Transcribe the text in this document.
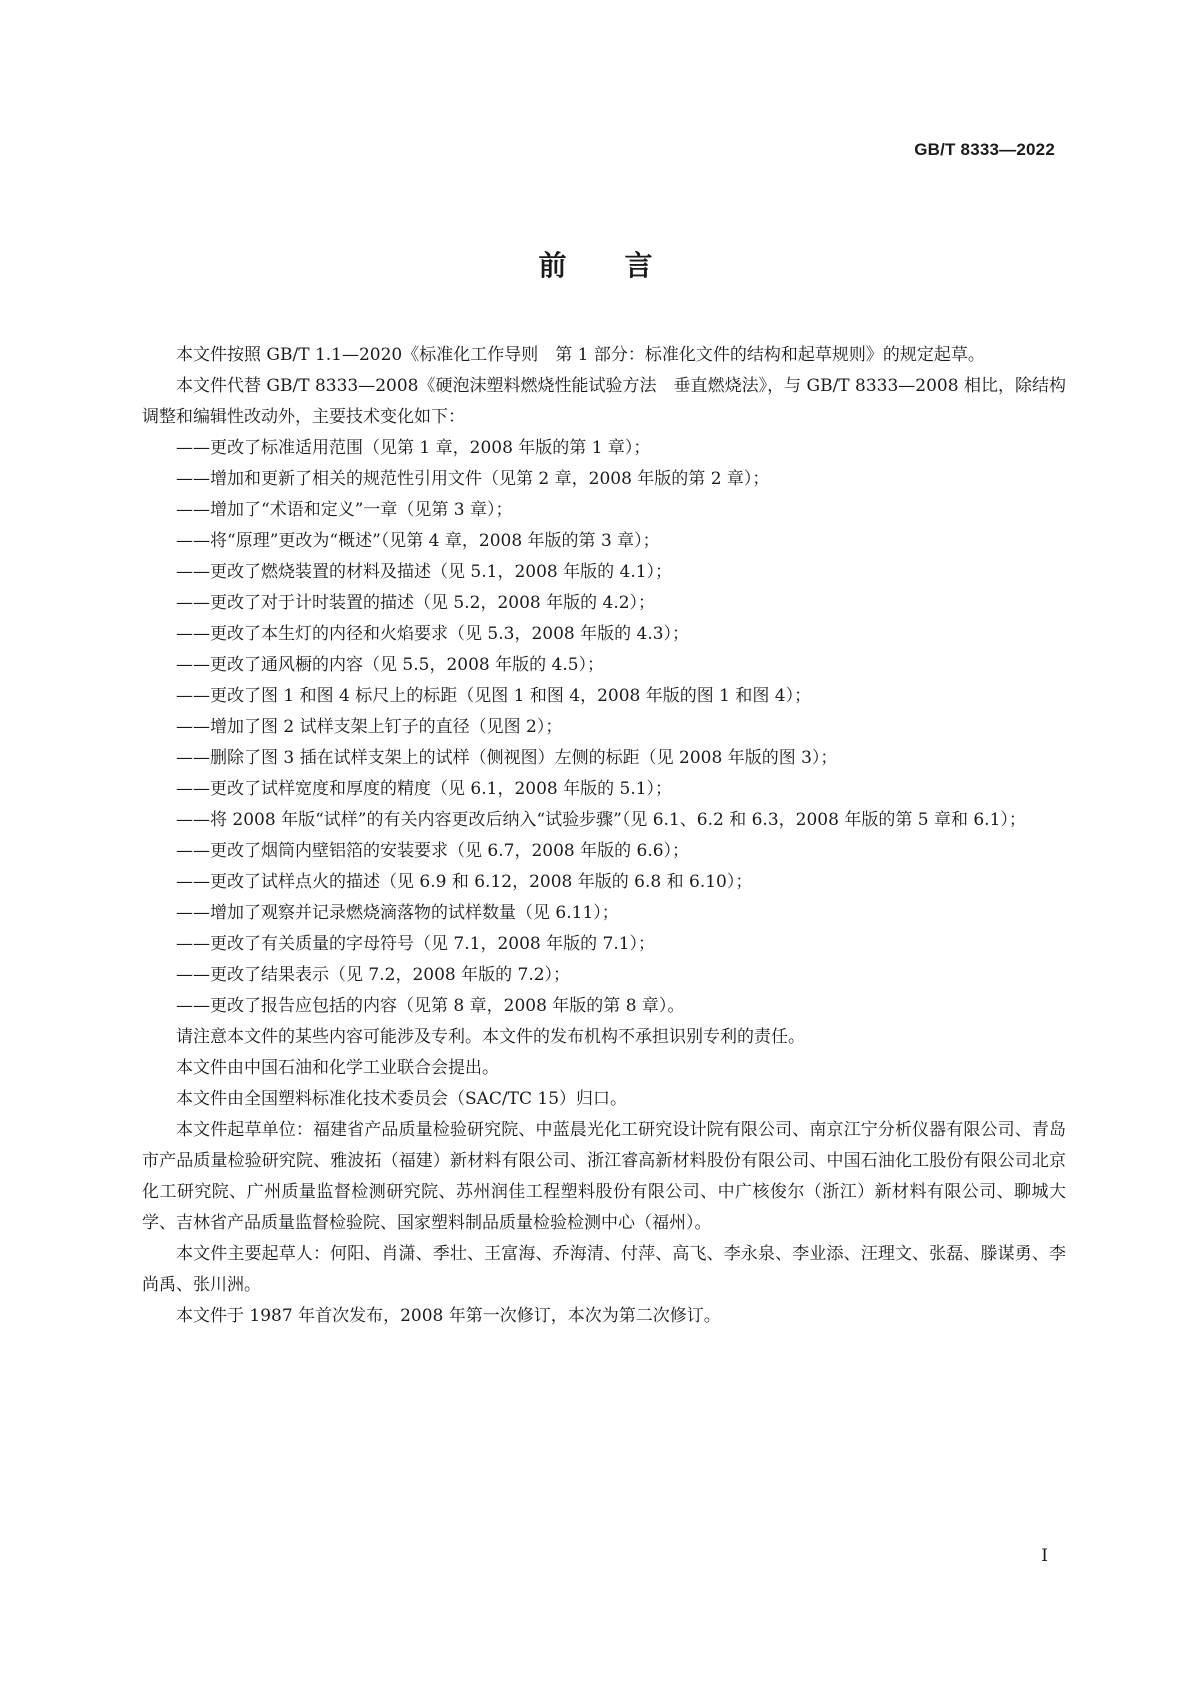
GB/T 8333—2022
前言

本文件按照 GB/T 1.1—2020《标准化工作导则　第 1 部分：标准化文件的结构和起草规则》的规定起草。

本文件代替 GB/T 8333—2008《硬泡沫塑料燃烧性能试验方法　垂直燃烧法》，与 GB/T 8333—2008 相比，除结构调整和编辑性改动外，主要技术变化如下：

——更改了标准适用范围（见第 1 章，2008 年版的第 1 章）；
——增加和更新了相关的规范性引用文件（见第 2 章，2008 年版的第 2 章）；
——增加了“术语和定义”一章（见第 3 章）；
——将“原理”更改为“概述”（见第 4 章，2008 年版的第 3 章）；
——更改了燃烧装置的材料及描述（见 5.1，2008 年版的 4.1）；
——更改了对于计时装置的描述（见 5.2，2008 年版的 4.2）；
——更改了本生灯的内径和火焰要求（见 5.3，2008 年版的 4.3）；
——更改了通风橱的内容（见 5.5，2008 年版的 4.5）；
——更改了图 1 和图 4 标尺上的标距（见图 1 和图 4，2008 年版的图 1 和图 4）；
——增加了图 2 试样支架上钉子的直径（见图 2）；
——删除了图 3 插在试样支架上的试样（侧视图）左侧的标距（见 2008 年版的图 3）；
——更改了试样宽度和厚度的精度（见 6.1，2008 年版的 5.1）；
——将 2008 年版“试样”的有关内容更改后纳入“试验步骤”（见 6.1、6.2 和 6.3，2008 年版的第 5 章和 6.1）；
——更改了烟筒内壁铝箔的安装要求（见 6.7，2008 年版的 6.6）；
——更改了试样点火的描述（见 6.9 和 6.12，2008 年版的 6.8 和 6.10）；
——增加了观察并记录燃烧滴落物的试样数量（见 6.11）；
——更改了有关质量的字母符号（见 7.1，2008 年版的 7.1）；
——更改了结果表示（见 7.2，2008 年版的 7.2）；
——更改了报告应包括的内容（见第 8 章，2008 年版的第 8 章）。

请注意本文件的某些内容可能涉及专利。本文件的发布机构不承担识别专利的责任。

本文件由中国石油和化学工业联合会提出。

本文件由全国塑料标准化技术委员会（SAC/TC 15）归口。

本文件起草单位：福建省产品质量检验研究院、中蓝晨光化工研究设计院有限公司、南京江宁分析仪器有限公司、青岛市产品质量检验研究院、雅波拓（福建）新材料有限公司、浙江睿高新材料股份有限公司、中国石油化工股份有限公司北京化工研究院、广州质量监督检测研究院、苏州润佳工程塑料股份有限公司、中广核俊尔（浙江）新材料有限公司、聊城大学、吉林省产品质量监督检验院、国家塑料制品质量检验检测中心（福州）。

本文件主要起草人：何阳、肖潇、季壮、王富海、乔海清、付萍、高飞、李永泉、李业添、汪理文、张磊、滕谋勇、李尚禹、张川洲。

本文件于 1987 年首次发布，2008 年第一次修订，本次为第二次修订。

I
